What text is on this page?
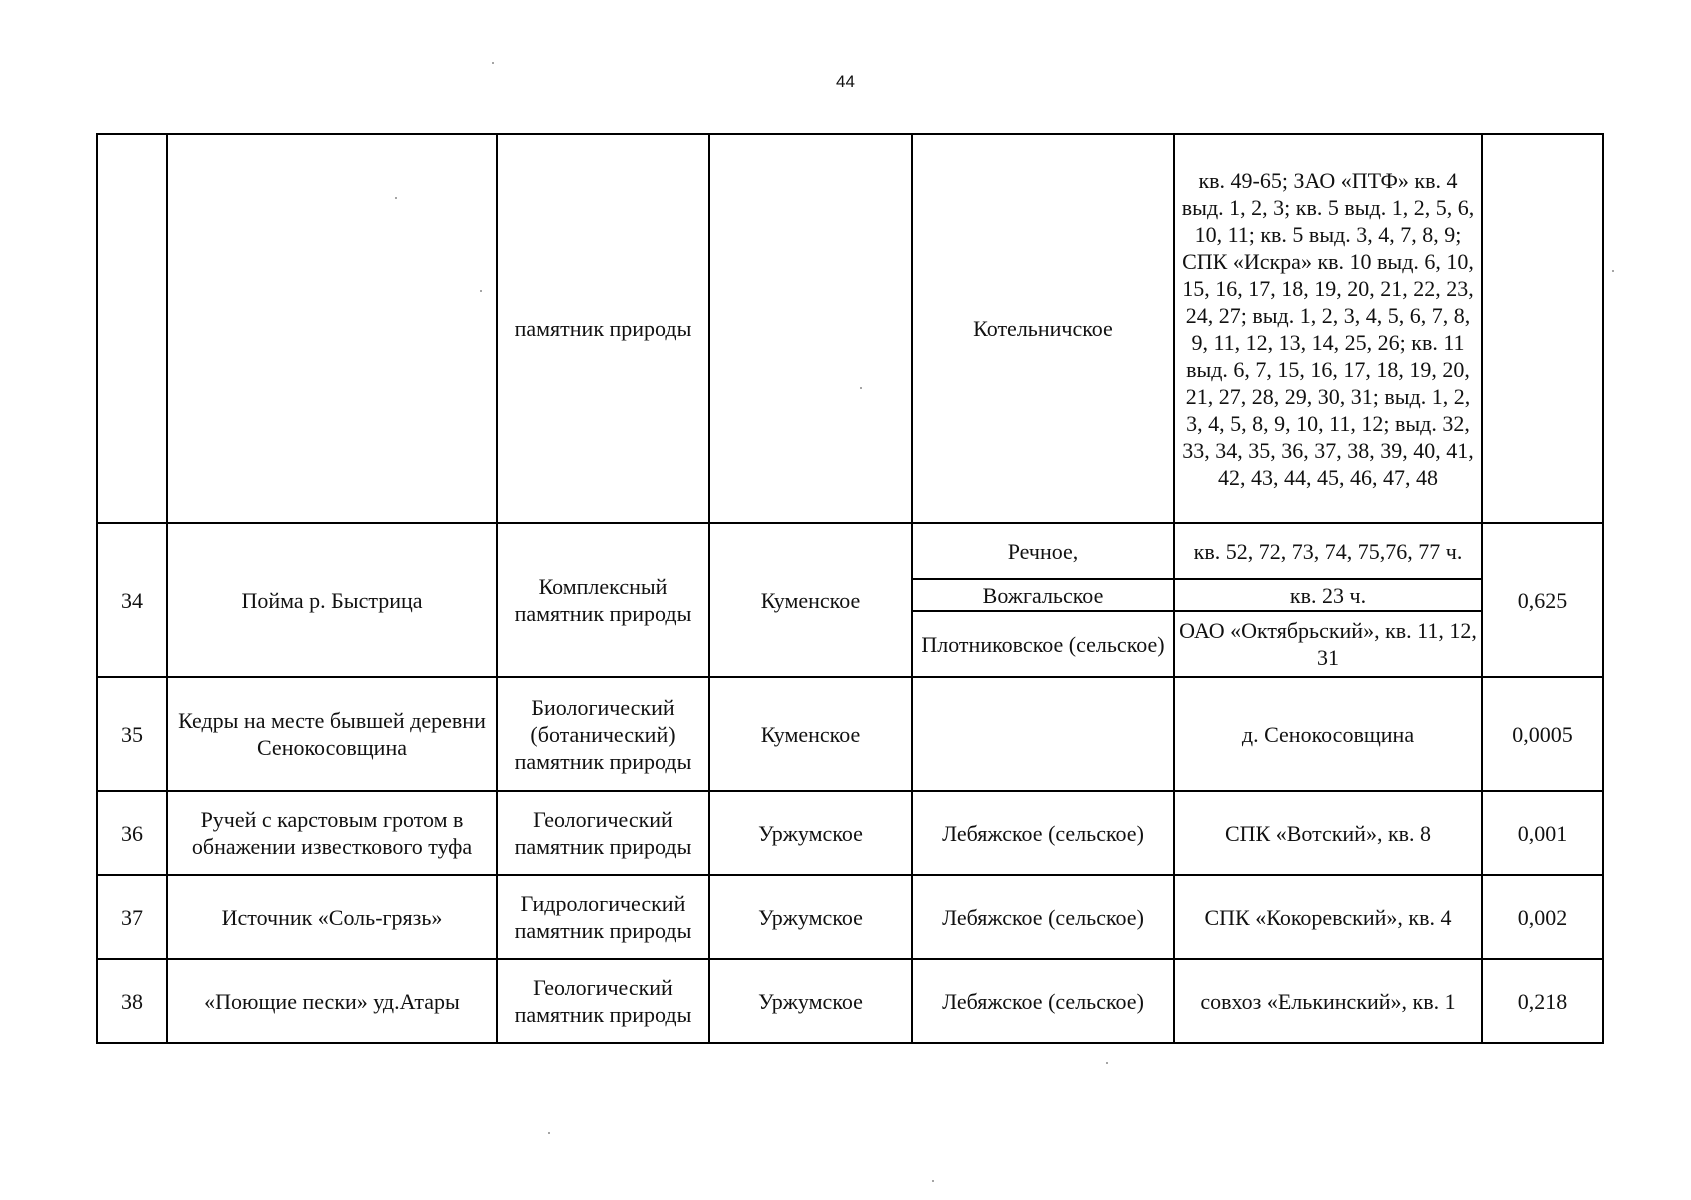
44
		памятник природы		Котельничское	кв. 49-65; ЗАО «ПТФ» кв. 4 выд. 1, 2, 3; кв. 5 выд. 1, 2, 5, 6, 10, 11; кв. 5 выд. 3, 4, 7, 8, 9; СПК «Искра» кв. 10 выд. 6, 10, 15, 16, 17, 18, 19, 20, 21, 22, 23, 24, 27; выд. 1, 2, 3, 4, 5, 6, 7, 8, 9, 11, 12, 13, 14, 25, 26; кв. 11 выд. 6, 7, 15, 16, 17, 18, 19, 20, 21, 27, 28, 29, 30, 31; выд. 1, 2, 3, 4, 5, 8, 9, 10, 11, 12; выд. 32, 33, 34, 35, 36, 37, 38, 39, 40, 41, 42, 43, 44, 45, 46, 47, 48	
34	Пойма р. Быстрица	Комплексный памятник природы	Куменское	Речное,	кв. 52, 72, 73, 74, 75,76, 77 ч.	0,625
				Вожгальское	кв. 23 ч.	
				Плотниковское (сельское)	ОАО «Октябрьский», кв. 11, 12, 31	
35	Кедры на месте бывшей деревни Сенокосовщина	Биологический (ботанический) памятник природы	Куменское		д. Сенокосовщина	0,0005
36	Ручей с карстовым гротом в обнажении известкового туфа	Геологический памятник природы	Уржумское	Лебяжское (сельское)	СПК «Вотский», кв. 8	0,001
37	Источник «Соль-грязь»	Гидрологический памятник природы	Уржумское	Лебяжское (сельское)	СПК «Кокоревский», кв. 4	0,002
38	«Поющие пески» уд.Атары	Геологический памятник природы	Уржумское	Лебяжское (сельское)	совхоз «Елькинский», кв. 1	0,218
